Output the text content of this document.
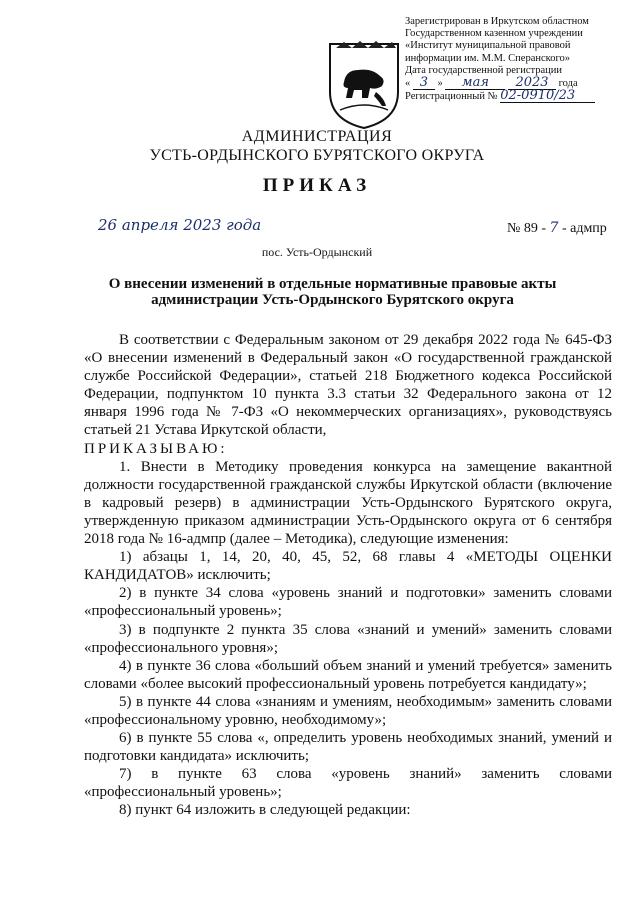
Зарегистрирован в Иркутском областном
Государственном казенном учреждении
«Институт муниципальной правовой
информации им. М.М. Сперанского»
Дата государственной регистрации
« 3 » мая 2023 года
Регистрационный № 02-0910/23
АДМИНИСТРАЦИЯ
УСТЬ-ОРДЫНСКОГО БУРЯТСКОГО ОКРУГА
ПРИКАЗ
26 апреля 2023 года	№ 89 - 7 - адмпр
пос. Усть-Ордынский
О внесении изменений в отдельные нормативные правовые акты администрации Усть-Ордынского Бурятского округа

В соответствии с Федеральным законом от 29 декабря 2022 года № 645-ФЗ «О внесении изменений в Федеральный закон «О государственной гражданской службе Российской Федерации», статьей 218 Бюджетного кодекса Российской Федерации, подпунктом 10 пункта 3.3 статьи 32 Федерального закона от 12 января 1996 года № 7-ФЗ «О некоммерческих организациях», руководствуясь статьей 21 Устава Иркутской области,

ПРИКАЗЫВАЮ:

1. Внести в Методику проведения конкурса на замещение вакантной должности государственной гражданской службы Иркутской области (включение в кадровый резерв) в администрации Усть-Ордынского Бурятского округа, утвержденную приказом администрации Усть-Ордынского округа от 6 сентября 2018 года № 16-адмпр (далее – Методика), следующие изменения:

1) абзацы 1, 14, 20, 40, 45, 52, 68 главы 4 «МЕТОДЫ ОЦЕНКИ КАНДИДАТОВ» исключить;

2) в пункте 34 слова «уровень знаний и подготовки» заменить словами «профессиональный уровень»;

3) в подпункте 2 пункта 35 слова «знаний и умений» заменить словами «профессионального уровня»;

4) в пункте 36 слова «больший объем знаний и умений требуется» заменить словами «более высокий профессиональный уровень потребуется кандидату»;

5) в пункте 44 слова «знаниям и умениям, необходимым» заменить словами «профессиональному уровню, необходимому»;

6) в пункте 55 слова «, определить уровень необходимых знаний, умений и подготовки кандидата» исключить;

7) в пункте 63 слова «уровень знаний» заменить словами «профессиональный уровень»;

8) пункт 64 изложить в следующей редакции:
